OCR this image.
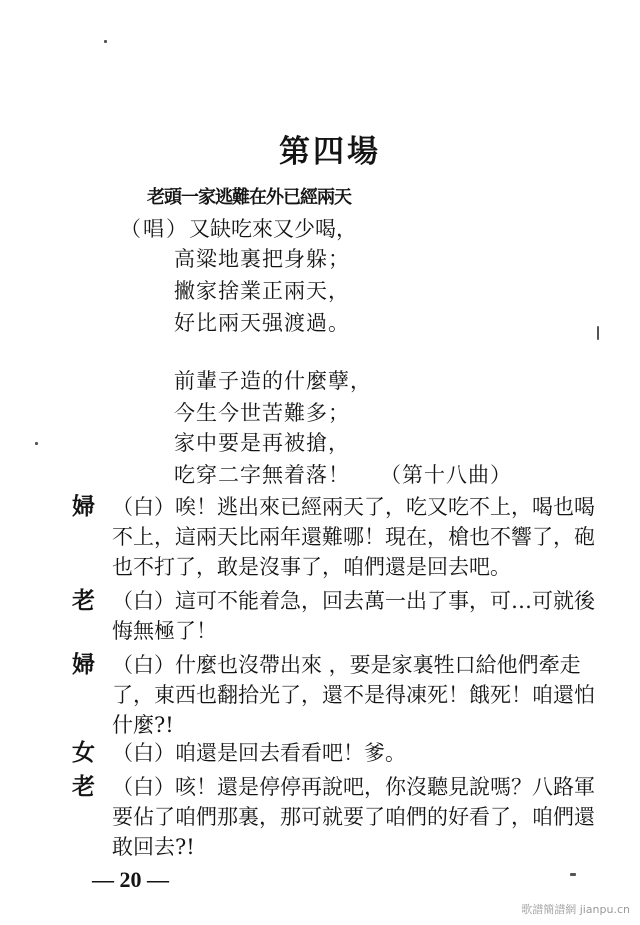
第四場
老頭一家逃難在外已經兩天
（唱）又缺吃來又少喝，
高粱地裏把身躲；
撇家捨業正兩天，
好比兩天强渡過。
前輩子造的什麼孽，
今生今世苦難多；
家中要是再被搶，
吃穿二字無着落！ （第十八曲）
婦 （白）唉！逃出來已經兩天了，吃又吃不上，喝也喝
不上，這兩天比兩年還難哪！現在，槍也不響了，砲
也不打了，敢是沒事了，咱們還是回去吧。
老 （白）這可不能着急，回去萬一出了事，可…可就後
悔無極了！
婦 （白）什麼也沒帶出來 ，要是家裏牲口給他們牽走
了，東西也翻拾光了，還不是得凍死！餓死！咱還怕
什麼?!
女 （白）咱還是回去看看吧！爹。
老 （白）咳！還是停停再說吧，你沒聽見說嗎？八路軍
要佔了咱們那裏，那可就要了咱們的好看了，咱們還
敢回去?!
— 20 —
歌譜簡譜網 jianpu.cn
